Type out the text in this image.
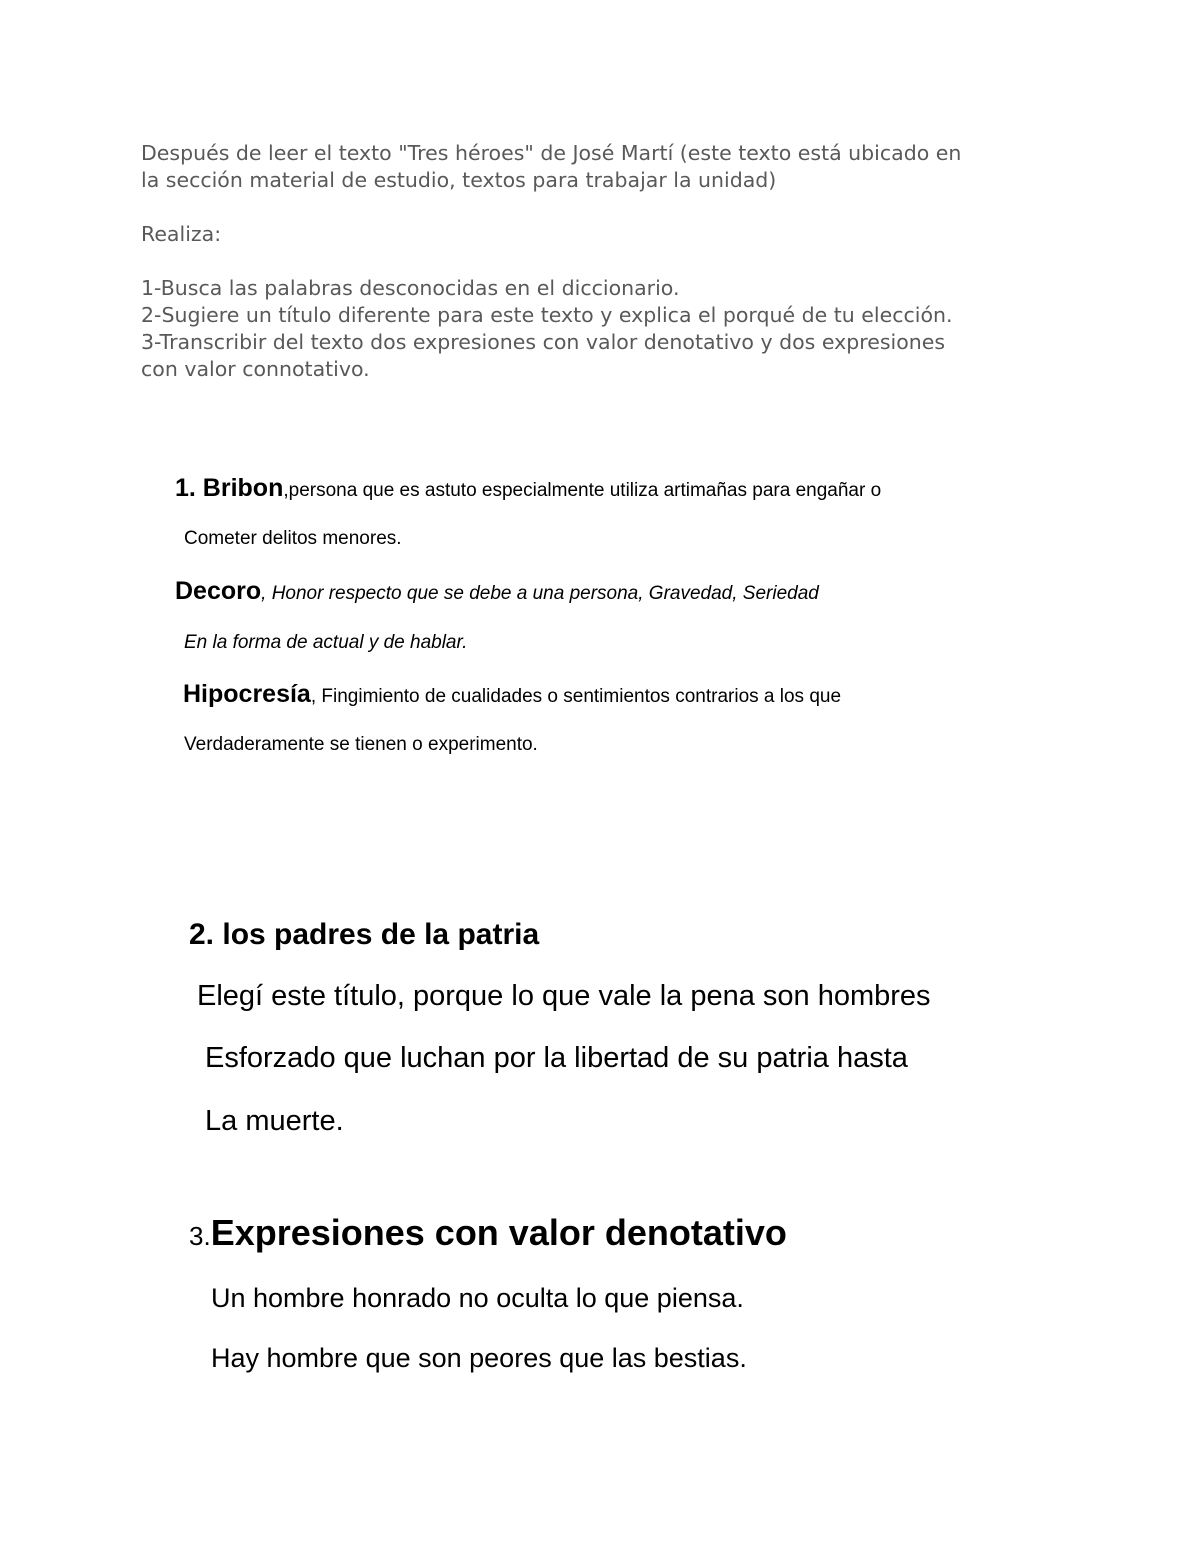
Después de leer el texto "Tres héroes" de José Martí (este texto está ubicado en

la sección material de estudio, textos para trabajar la unidad)

Realiza:

1-Busca las palabras desconocidas en el diccionario.

2-Sugiere un título diferente para este texto y explica el porqué de tu elección.

3-Transcribir del texto dos expresiones con valor denotativo y dos expresiones

con valor connotativo.

1. Bribon,persona que es astuto especialmente utiliza artimañas para engañar o
Cometer delitos menores.
Decoro, Honor respecto que se debe a una persona, Gravedad, Seriedad
En la forma de actual y de hablar.
Hipocresía, Fingimiento de cualidades o sentimientos contrarios a los que
Verdaderamente se tienen o experimento.
2. los padres de la patria
Elegí este título, porque lo que vale la pena son hombres
Esforzado que luchan por la libertad de su patria hasta
La muerte.
3.Expresiones con valor denotativo
Un hombre honrado no oculta lo que piensa.
Hay hombre que son peores que las bestias.
